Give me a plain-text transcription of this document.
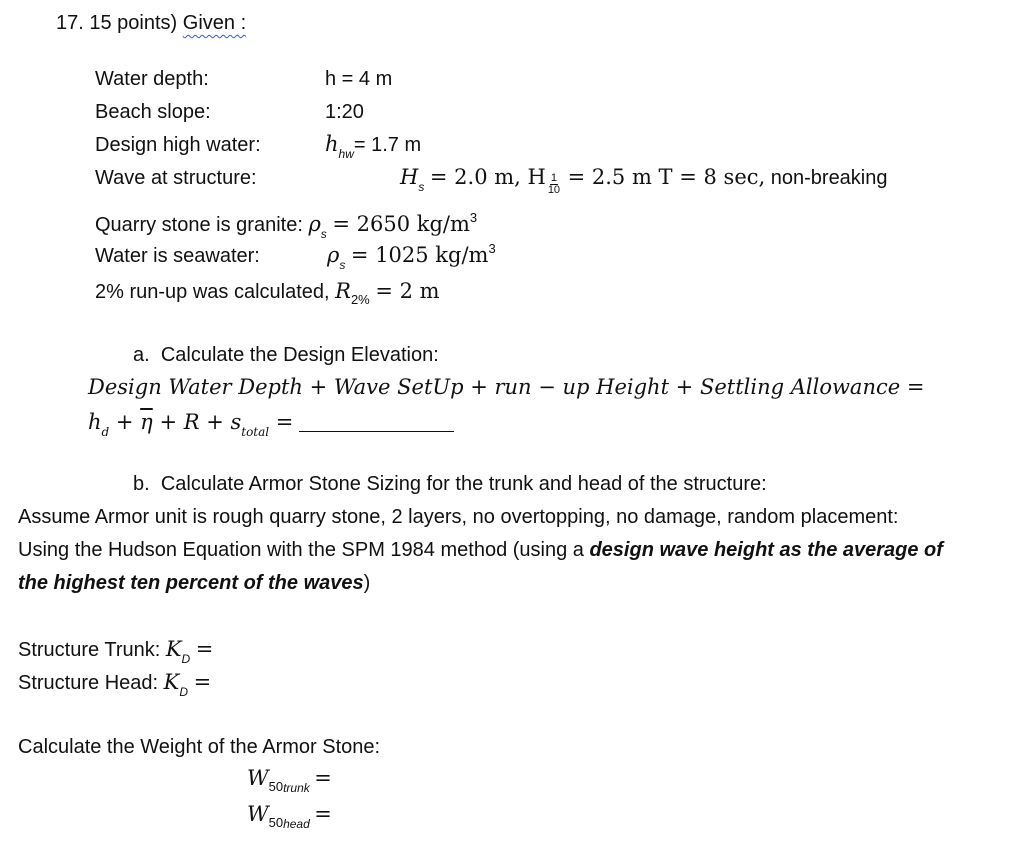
17. 15 points) Given :
Water depth:	h = 4 m
Beach slope:	1:20
Design high water:	$h_{hw}= 1.7$ m
Wave at structure:	$H_s = 2.0$ m, H $\frac{1}{10} = 2.5$ m T = 8 sec, non-breaking
Quarry stone is granite: $\rho_s = 2650$ $kg/m^3$
Water is seawater:	$\rho_s = 1025$ $kg/m^3$
2% run-up was calculated, $R_{2\%} = 2$ m
a. Calculate the Design Elevation:
Design Water Depth + Wave SetUp + run − up Height + Settling Allowance =
$h_d + \overline{\eta} + R + s_{total}$ =
b. Calculate Armor Stone Sizing for the trunk and head of the structure:
Assume Armor unit is rough quarry stone, 2 layers, no overtopping, no damage, random placement:
Using the Hudson Equation with the SPM 1984 method (using a design wave height as the average of
the highest ten percent of the waves)
Structure Trunk: $K_D$ =
Structure Head: $K_D$ =
Calculate the Weight of the Armor Stone:
$W_{50trunk}$ =
$W_{50head}$ =
